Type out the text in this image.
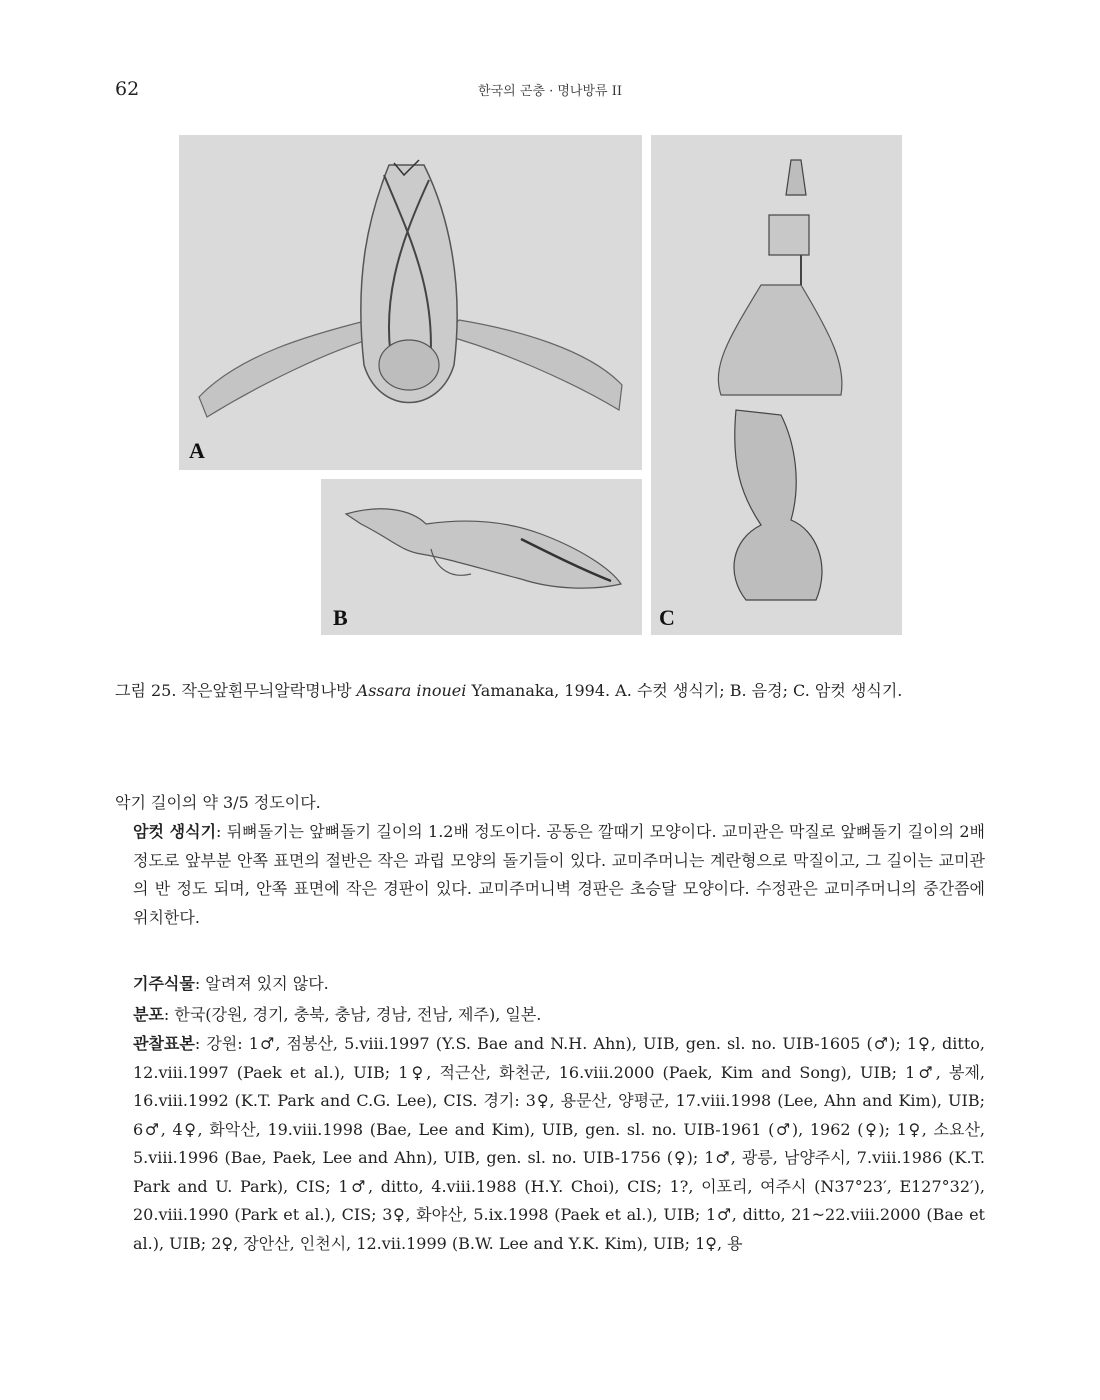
62	한국의 곤충 · 명나방류 II
A
B	C
그림 25. 작은앞흰무늬알락명나방 Assara inouei Yamanaka, 1994. A. 수컷 생식기; B. 음경; C. 암컷 생식기.
악기 길이의 약 3/5 정도이다.
암컷 생식기: 뒤뼈돌기는 앞뼈돌기 길이의 1.2배 정도이다. 공동은 깔때기 모양이다. 교미관은 막질로 앞뼈돌기 길이의 2배 정도로 앞부분 안쪽 표면의 절반은 작은 과립 모양의 돌기들이 있다. 교미주머니는 계란형으로 막질이고, 그 길이는 교미관의 반 정도 되며, 안쪽 표면에 작은 경판이 있다. 교미주머니벽 경판은 초승달 모양이다. 수정관은 교미주머니의 중간쯤에 위치한다.
기주식물: 알려져 있지 않다.
분포: 한국(강원, 경기, 충북, 충남, 경남, 전남, 제주), 일본.
관찰표본: 강원: 1♂, 점봉산, 5.viii.1997 (Y.S. Bae and N.H. Ahn), UIB, gen. sl. no. UIB-1605 (♂); 1♀, ditto, 12.viii.1997 (Paek et al.), UIB; 1♀, 적근산, 화천군, 16.viii.2000 (Paek, Kim and Song), UIB; 1♂, 봉제, 16.viii.1992 (K.T. Park and C.G. Lee), CIS. 경기: 3♀, 용문산, 양평군, 17.viii.1998 (Lee, Ahn and Kim), UIB; 6♂, 4♀, 화악산, 19.viii.1998 (Bae, Lee and Kim), UIB, gen. sl. no. UIB-1961 (♂), 1962 (♀); 1♀, 소요산, 5.viii.1996 (Bae, Paek, Lee and Ahn), UIB, gen. sl. no. UIB-1756 (♀); 1♂, 광릉, 남양주시, 7.viii.1986 (K.T. Park and U. Park), CIS; 1♂, ditto, 4.viii.1988 (H.Y. Choi), CIS; 1?, 이포리, 여주시 (N37°23′, E127°32′), 20.viii.1990 (Park et al.), CIS; 3♀, 화야산, 5.ix.1998 (Paek et al.), UIB; 1♂, ditto, 21~22.viii.2000 (Bae et al.), UIB; 2♀, 장안산, 인천시, 12.vii.1999 (B.W. Lee and Y.K. Kim), UIB; 1♀, 용
